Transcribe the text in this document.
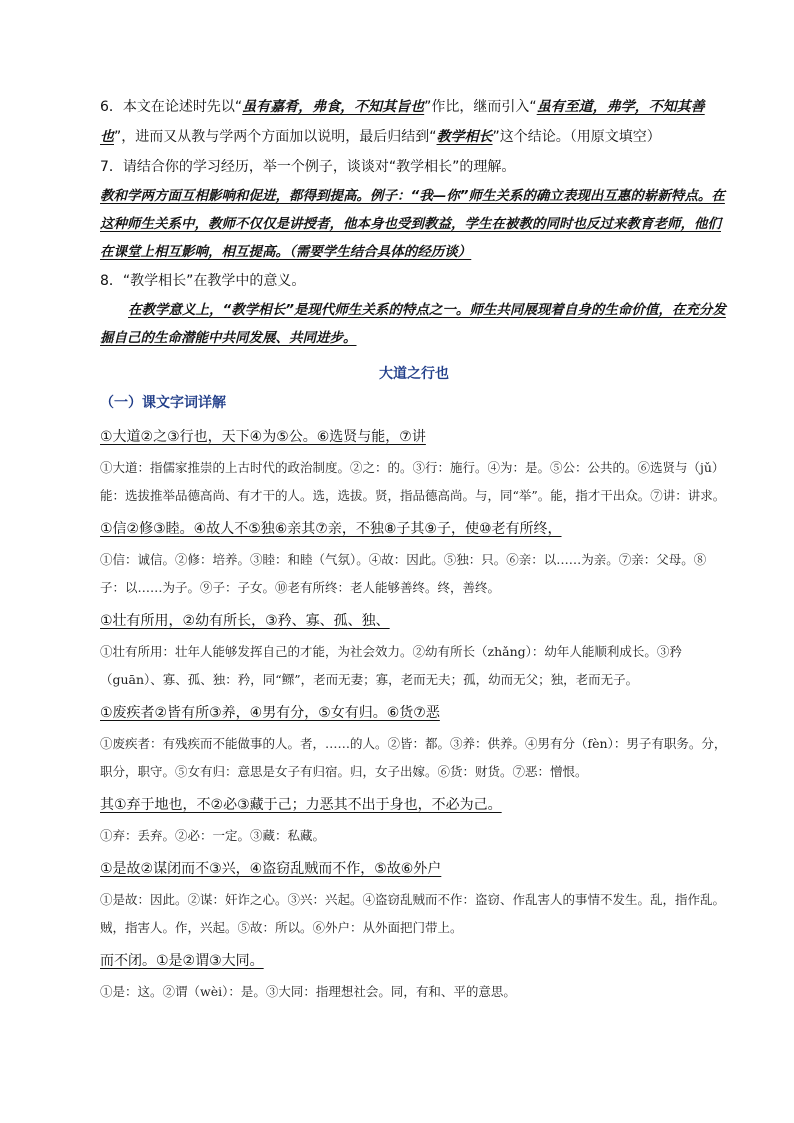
6．本文在论述时先以“虽有嘉肴，弗食，不知其旨也”作比，继而引入“虽有至道，弗学，不知其善也”，进而又从教与学两个方面加以说明，最后归结到“教学相长”这个结论。（用原文填空）

7．请结合你的学习经历，举一个例子，谈谈对“教学相长”的理解。

教和学两方面互相影响和促进，都得到提高。例子：“我—你”师生关系的确立表现出互惠的崭新特点。在这种师生关系中，教师不仅仅是讲授者，他本身也受到教益，学生在被教的同时也反过来教育老师，他们在课堂上相互影响，相互提高。（需要学生结合具体的经历谈）

8．“教学相长”在教学中的意义。

在教学意义上，“教学相长”是现代师生关系的特点之一。师生共同展现着自身的生命价值，在充分发掘自己的生命潜能中共同发展、共同进步。

大道之行也

（一）课文字词详解

①大道②之③行也，天下④为⑤公。⑥选贤与能，⑦讲

①大道：指儒家推崇的上古时代的政治制度。②之：的。③行：施行。④为：是。⑤公：公共的。⑥选贤与（jǔ）能：选拔推举品德高尚、有才干的人。选，选拔。贤，指品德高尚。与，同“举”。能，指才干出众。⑦讲：讲求。

①信②修③睦。④故人不⑤独⑥亲其⑦亲，不独⑧子其⑨子，使⑩老有所终，

①信：诚信。②修：培养。③睦：和睦（气氛）。④故：因此。⑤独：只。⑥亲：以……为亲。⑦亲：父母。⑧子：以……为子。⑨子：子女。⑩老有所终：老人能够善终。终，善终。

①壮有所用，②幼有所长，③矜、寡、孤、独、

①壮有所用：壮年人能够发挥自己的才能，为社会效力。②幼有所长（zhǎng）：幼年人能顺利成长。③矜（guān）、寡、孤、独：矜，同“鳏”，老而无妻；寡，老而无夫；孤，幼而无父；独，老而无子。

①废疾者②皆有所③养，④男有分，⑤女有归。⑥货⑦恶

①废疾者：有残疾而不能做事的人。者，……的人。②皆：都。③养：供养。④男有分（fèn）：男子有职务。分，职分，职守。⑤女有归：意思是女子有归宿。归，女子出嫁。⑥货：财货。⑦恶：憎恨。

其①弃于地也，不②必③藏于己；力恶其不出于身也，不必为己。

①弃：丢弃。②必：一定。③藏：私藏。

①是故②谋闭而不③兴，④盗窃乱贼而不作，⑤故⑥外户

①是故：因此。②谋：奸诈之心。③兴：兴起。④盗窃乱贼而不作：盗窃、作乱害人的事情不发生。乱，指作乱。贼，指害人。作，兴起。⑤故：所以。⑥外户：从外面把门带上。

而不闭。①是②谓③大同。

①是：这。②谓（wèi）：是。③大同：指理想社会。同，有和、平的意思。
